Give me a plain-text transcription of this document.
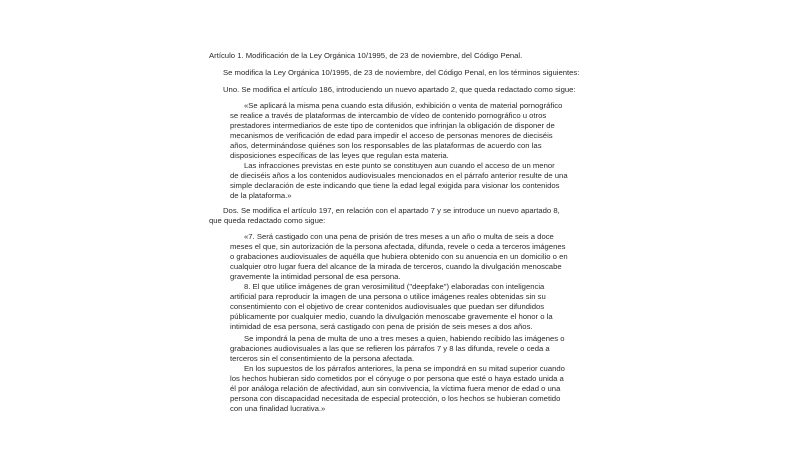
Artículo 1. Modificación de la Ley Orgánica 10/1995, de 23 de noviembre, del Código Penal.

Se modifica la Ley Orgánica 10/1995, de 23 de noviembre, del Código Penal, en los términos siguientes:

Uno. Se modifica el artículo 186, introduciendo un nuevo apartado 2, que queda redactado como sigue:

«Se aplicará la misma pena cuando esta difusión, exhibición o venta de material pornográfico

se realice a través de plataformas de intercambio de vídeo de contenido pornográfico u otros

prestadores intermediarios de este tipo de contenidos que infrinjan la obligación de disponer de

mecanismos de verificación de edad para impedir el acceso de personas menores de dieciséis

años, determinándose quiénes son los responsables de las plataformas de acuerdo con las

disposiciones específicas de las leyes que regulan esta materia.

Las infracciones previstas en este punto se constituyen aun cuando el acceso de un menor

de dieciséis años a los contenidos audiovisuales mencionados en el párrafo anterior resulte de una

simple declaración de este indicando que tiene la edad legal exigida para visionar los contenidos

de la plataforma.»

Dos. Se modifica el artículo 197, en relación con el apartado 7 y se introduce un nuevo apartado 8,

que queda redactado como sigue:

«7. Será castigado con una pena de prisión de tres meses a un año o multa de seis a doce

meses el que, sin autorización de la persona afectada, difunda, revele o ceda a terceros imágenes

o grabaciones audiovisuales de aquélla que hubiera obtenido con su anuencia en un domicilio o en

cualquier otro lugar fuera del alcance de la mirada de terceros, cuando la divulgación menoscabe

gravemente la intimidad personal de esa persona.

8. El que utilice imágenes de gran verosimilitud ("deepfake") elaboradas con inteligencia

artificial para reproducir la imagen de una persona o utilice imágenes reales obtenidas sin su

consentimiento con el objetivo de crear contenidos audiovisuales que puedan ser difundidos

públicamente por cualquier medio, cuando la divulgación menoscabe gravemente el honor o la

intimidad de esa persona, será castigado con pena de prisión de seis meses a dos años.

Se impondrá la pena de multa de uno a tres meses a quien, habiendo recibido las imágenes o

grabaciones audiovisuales a las que se refieren los párrafos 7 y 8 las difunda, revele o ceda a

terceros sin el consentimiento de la persona afectada.

En los supuestos de los párrafos anteriores, la pena se impondrá en su mitad superior cuando

los hechos hubieran sido cometidos por el cónyuge o por persona que esté o haya estado unida a

él por análoga relación de afectividad, aun sin convivencia, la víctima fuera menor de edad o una

persona con discapacidad necesitada de especial protección, o los hechos se hubieran cometido

con una finalidad lucrativa.»
